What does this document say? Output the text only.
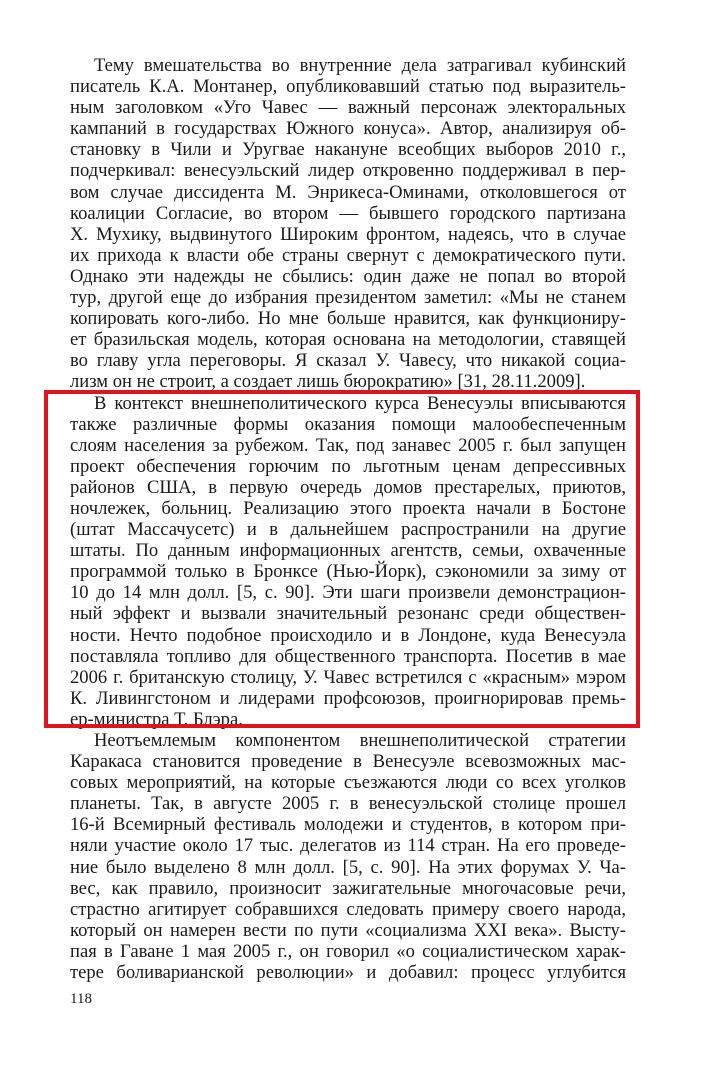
Тему вмешательства во внутренние дела затрагивал кубинский
писатель К.А. Монтанер, опубликовавший статью под выразитель-
ным заголовком «Уго Чавес — важный персонаж электоральных
кампаний в государствах Южного конуса». Автор, анализируя об-
становку в Чили и Уругвае накануне всеобщих выборов 2010 г.,
подчеркивал: венесуэльский лидер откровенно поддерживал в пер-
вом случае диссидента М. Энрикеса-Оминами, отколовшегося от
коалиции Согласие, во втором — бывшего городского партизана
Х. Мухику, выдвинутого Широким фронтом, надеясь, что в случае
их прихода к власти обе страны свернут с демократического пути.
Однако эти надежды не сбылись: один даже не попал во второй
тур, другой еще до избрания президентом заметил: «Мы не станем
копировать кого-либо. Но мне больше нравится, как функциониру-
ет бразильская модель, которая основана на методологии, ставящей
во главу угла переговоры. Я сказал У. Чавесу, что никакой социа-
лизм он не строит, а создает лишь бюрократию» [31, 28.11.2009].
В контекст внешнеполитического курса Венесуэлы вписываются
также различные формы оказания помощи малообеспеченным
слоям населения за рубежом. Так, под занавес 2005 г. был запущен
проект обеспечения горючим по льготным ценам депрессивных
районов США, в первую очередь домов престарелых, приютов,
ночлежек, больниц. Реализацию этого проекта начали в Бостоне
(штат Массачусетс) и в дальнейшем распространили на другие
штаты. По данным информационных агентств, семьи, охваченные
программой только в Бронксе (Нью-Йорк), сэкономили за зиму от
10 до 14 млн долл. [5, с. 90]. Эти шаги произвели демонстрацион-
ный эффект и вызвали значительный резонанс среди обществен-
ности. Нечто подобное происходило и в Лондоне, куда Венесуэла
поставляла топливо для общественного транспорта. Посетив в мае
2006 г. британскую столицу, У. Чавес встретился с «красным» мэром
К. Ливингстоном и лидерами профсоюзов, проигнорировав премь-
ер-министра Т. Блэра.
Неотъемлемым компонентом внешнеполитической стратегии
Каракаса становится проведение в Венесуэле всевозможных мас-
совых мероприятий, на которые съезжаются люди со всех уголков
планеты. Так, в августе 2005 г. в венесуэльской столице прошел
16-й Всемирный фестиваль молодежи и студентов, в котором при-
няли участие около 17 тыс. делегатов из 114 стран. На его проведе-
ние было выделено 8 млн долл. [5, с. 90]. На этих форумах У. Ча-
вес, как правило, произносит зажигательные многочасовые речи,
страстно агитирует собравшихся следовать примеру своего народа,
который он намерен вести по пути «социализма XXI века». Высту-
пая в Гаване 1 мая 2005 г., он говорил «о социалистическом харак-
тере боливарианской революции» и добавил: процесс углубится
118
